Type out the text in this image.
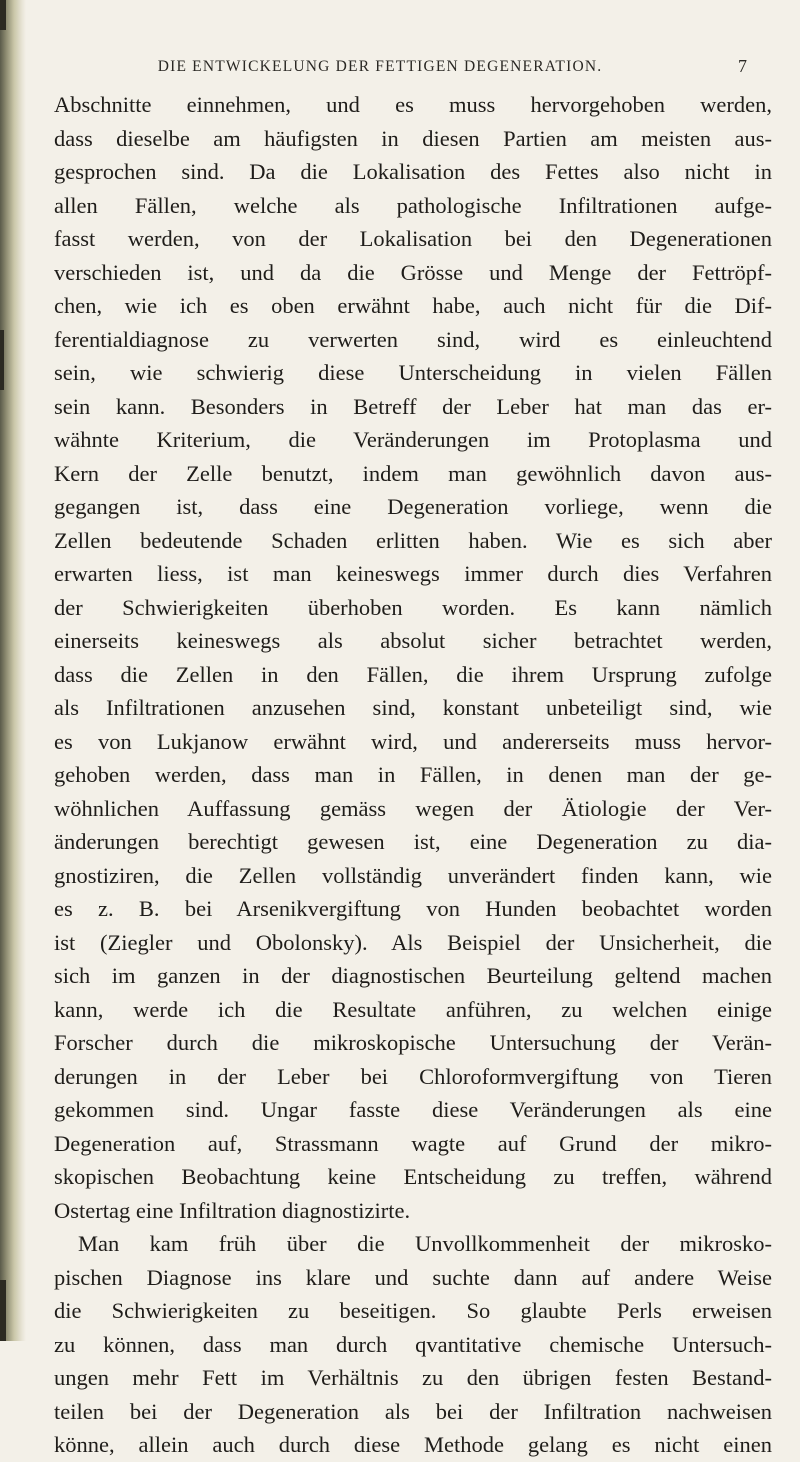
DIE ENTWICKELUNG DER FETTIGEN DEGENERATION.	7
Abschnitte einnehmen, und es muss hervorgehoben werden,
dass dieselbe am häufigsten in diesen Partien am meisten aus-
gesprochen sind. Da die Lokalisation des Fettes also nicht in
allen Fällen, welche als pathologische Infiltrationen aufge-
fasst werden, von der Lokalisation bei den Degenerationen
verschieden ist, und da die Grösse und Menge der Fettröpf-
chen, wie ich es oben erwähnt habe, auch nicht für die Dif-
ferentialdiagnose zu verwerten sind, wird es einleuchtend
sein, wie schwierig diese Unterscheidung in vielen Fällen
sein kann. Besonders in Betreff der Leber hat man das er-
wähnte Kriterium, die Veränderungen im Protoplasma und
Kern der Zelle benutzt, indem man gewöhnlich davon aus-
gegangen ist, dass eine Degeneration vorliege, wenn die
Zellen bedeutende Schaden erlitten haben. Wie es sich aber
erwarten liess, ist man keineswegs immer durch dies Verfahren
der Schwierigkeiten überhoben worden. Es kann nämlich
einerseits keineswegs als absolut sicher betrachtet werden,
dass die Zellen in den Fällen, die ihrem Ursprung zufolge
als Infiltrationen anzusehen sind, konstant unbeteiligt sind, wie
es von Lukjanow erwähnt wird, und andererseits muss hervor-
gehoben werden, dass man in Fällen, in denen man der ge-
wöhnlichen Auffassung gemäss wegen der Ätiologie der Ver-
änderungen berechtigt gewesen ist, eine Degeneration zu dia-
gnostiziren, die Zellen vollständig unverändert finden kann, wie
es z. B. bei Arsenikvergiftung von Hunden beobachtet worden
ist (Ziegler und Obolonsky). Als Beispiel der Unsicherheit, die
sich im ganzen in der diagnostischen Beurteilung geltend machen
kann, werde ich die Resultate anführen, zu welchen einige
Forscher durch die mikroskopische Untersuchung der Verän-
derungen in der Leber bei Chloroformvergiftung von Tieren
gekommen sind. Ungar fasste diese Veränderungen als eine
Degeneration auf, Strassmann wagte auf Grund der mikro-
skopischen Beobachtung keine Entscheidung zu treffen, während
Ostertag eine Infiltration diagnostizirte.
Man kam früh über die Unvollkommenheit der mikrosko-
pischen Diagnose ins klare und suchte dann auf andere Weise
die Schwierigkeiten zu beseitigen. So glaubte Perls erweisen
zu können, dass man durch qvantitative chemische Untersuch-
ungen mehr Fett im Verhältnis zu den übrigen festen Bestand-
teilen bei der Degeneration als bei der Infiltration nachweisen
könne, allein auch durch diese Methode gelang es nicht einen
